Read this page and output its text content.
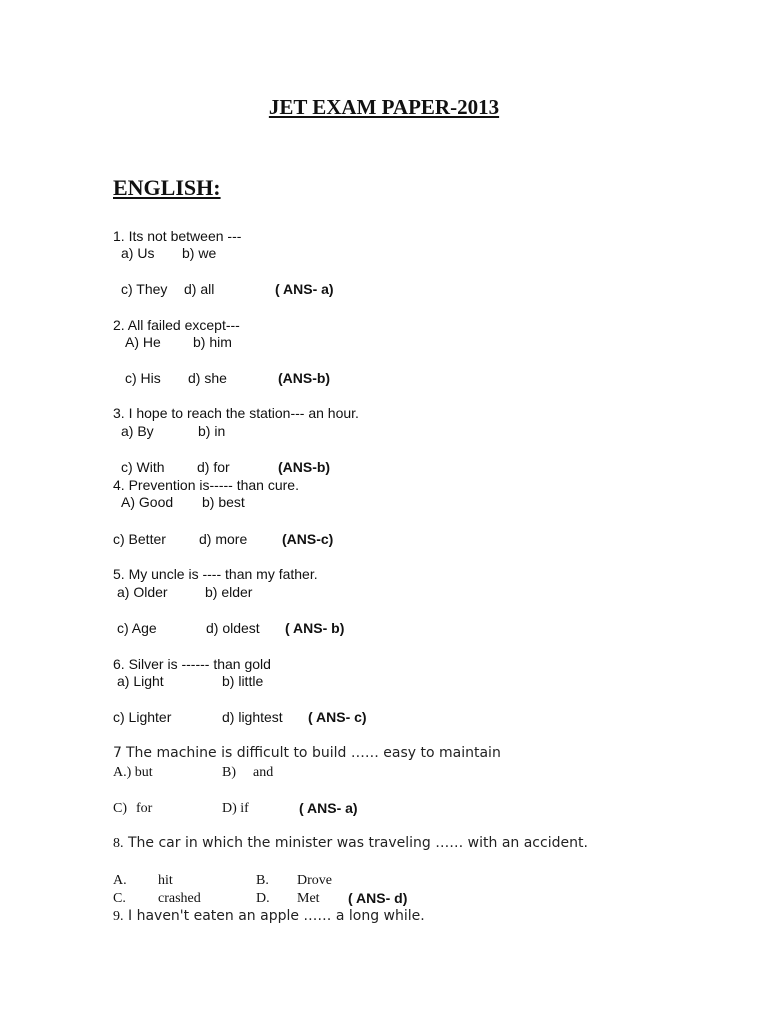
JET EXAM PAPER-2013
ENGLISH:
1. Its not between ---
a) Us b) we
c) They d) all	( ANS- a)
2. All failed except---
A) He b) him
c) His d) she	(ANS-b)
3. I hope to reach the station--- an hour.
a) By	b) in
c) With d) for	(ANS-b)
4. Prevention is----- than cure.
A) Good b) best
c) Better d) more (ANS-c)
5. My uncle is ---- than my father.
a) Older	b) elder
c) Age	d) oldest ( ANS- b)
6. Silver is ------ than gold
a) Light	b) little
c) Lighter	d) lightest ( ANS- c)
7 The machine is difficult to build …… easy to maintain
A.) but	B) and
C) for	D) if	( ANS- a)
8. The car in which the minister was traveling …… with an accident.
A. hit	B. Drove
C. crashed	D. Met ( ANS- d)
9. I haven't eaten an apple …… a long while.
